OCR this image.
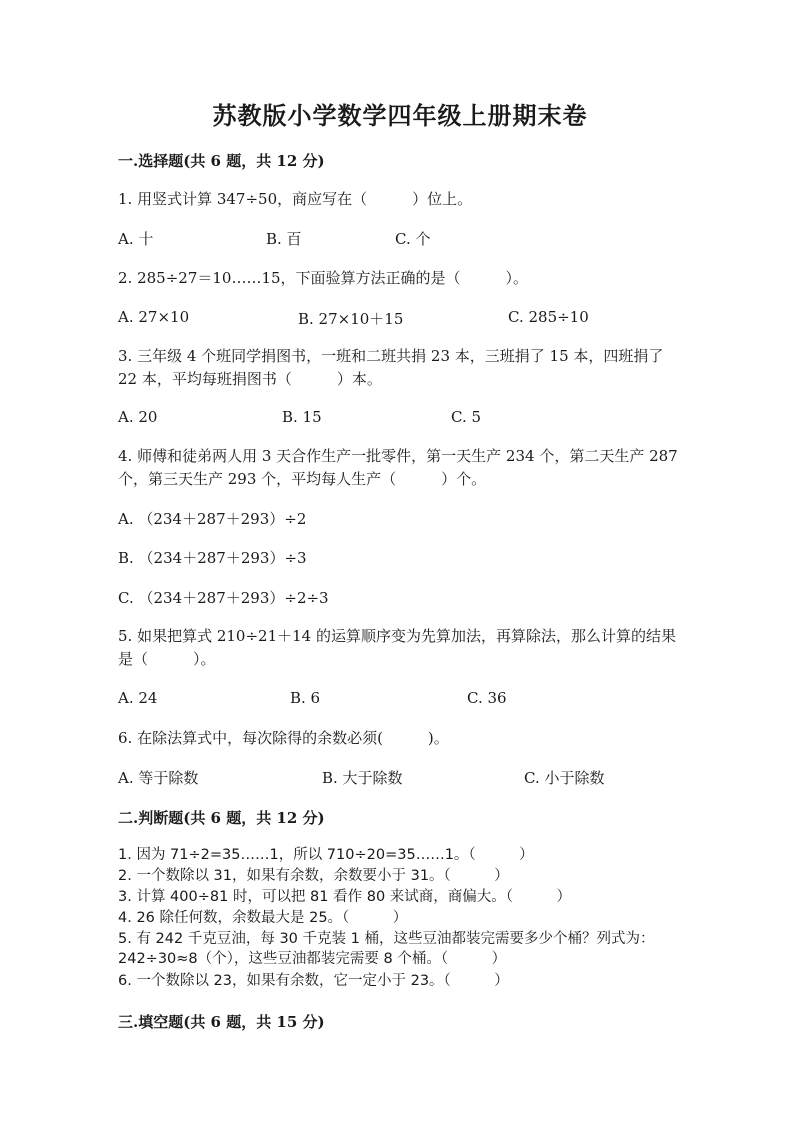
苏教版小学数学四年级上册期末卷
一.选择题(共 6 题，共 12 分)
1. 用竖式计算 347÷50，商应写在（　　　）位上。
A. 十	B. 百	C. 个
2. 285÷27＝10……15，下面验算方法正确的是（　　　）。
A. 27×10	B. 27×10＋15	C. 285÷10
3. 三年级 4 个班同学捐图书，一班和二班共捐 23 本，三班捐了 15 本，四班捐了 22 本，平均每班捐图书（　　　）本。
A. 20	B. 15	C. 5
4. 师傅和徒弟两人用 3 天合作生产一批零件，第一天生产 234 个，第二天生产 287 个，第三天生产 293 个，平均每人生产（　　　）个。
A. （234＋287＋293）÷2
B. （234＋287＋293）÷3
C. （234＋287＋293）÷2÷3
5. 如果把算式 210÷21＋14 的运算顺序变为先算加法，再算除法，那么计算的结果是（　　　）。
A. 24	B. 6	C. 36
6. 在除法算式中，每次除得的余数必须(　　　)。
A. 等于除数	B. 大于除数	C. 小于除数
二.判断题(共 6 题，共 12 分)
1. 因为 71÷2=35……1，所以 710÷20=35……1。（　　　）
2. 一个数除以 31，如果有余数，余数要小于 31。（　　　）
3. 计算 400÷81 时，可以把 81 看作 80 来试商，商偏大。（　　　）
4. 26 除任何数，余数最大是 25。（　　　）
5. 有 242 千克豆油，每 30 千克装 1 桶，这些豆油都装完需要多少个桶？列式为：242÷30≈8（个），这些豆油都装完需要 8 个桶。（　　　）
6. 一个数除以 23，如果有余数，它一定小于 23。（　　　）
三.填空题(共 6 题，共 15 分)
